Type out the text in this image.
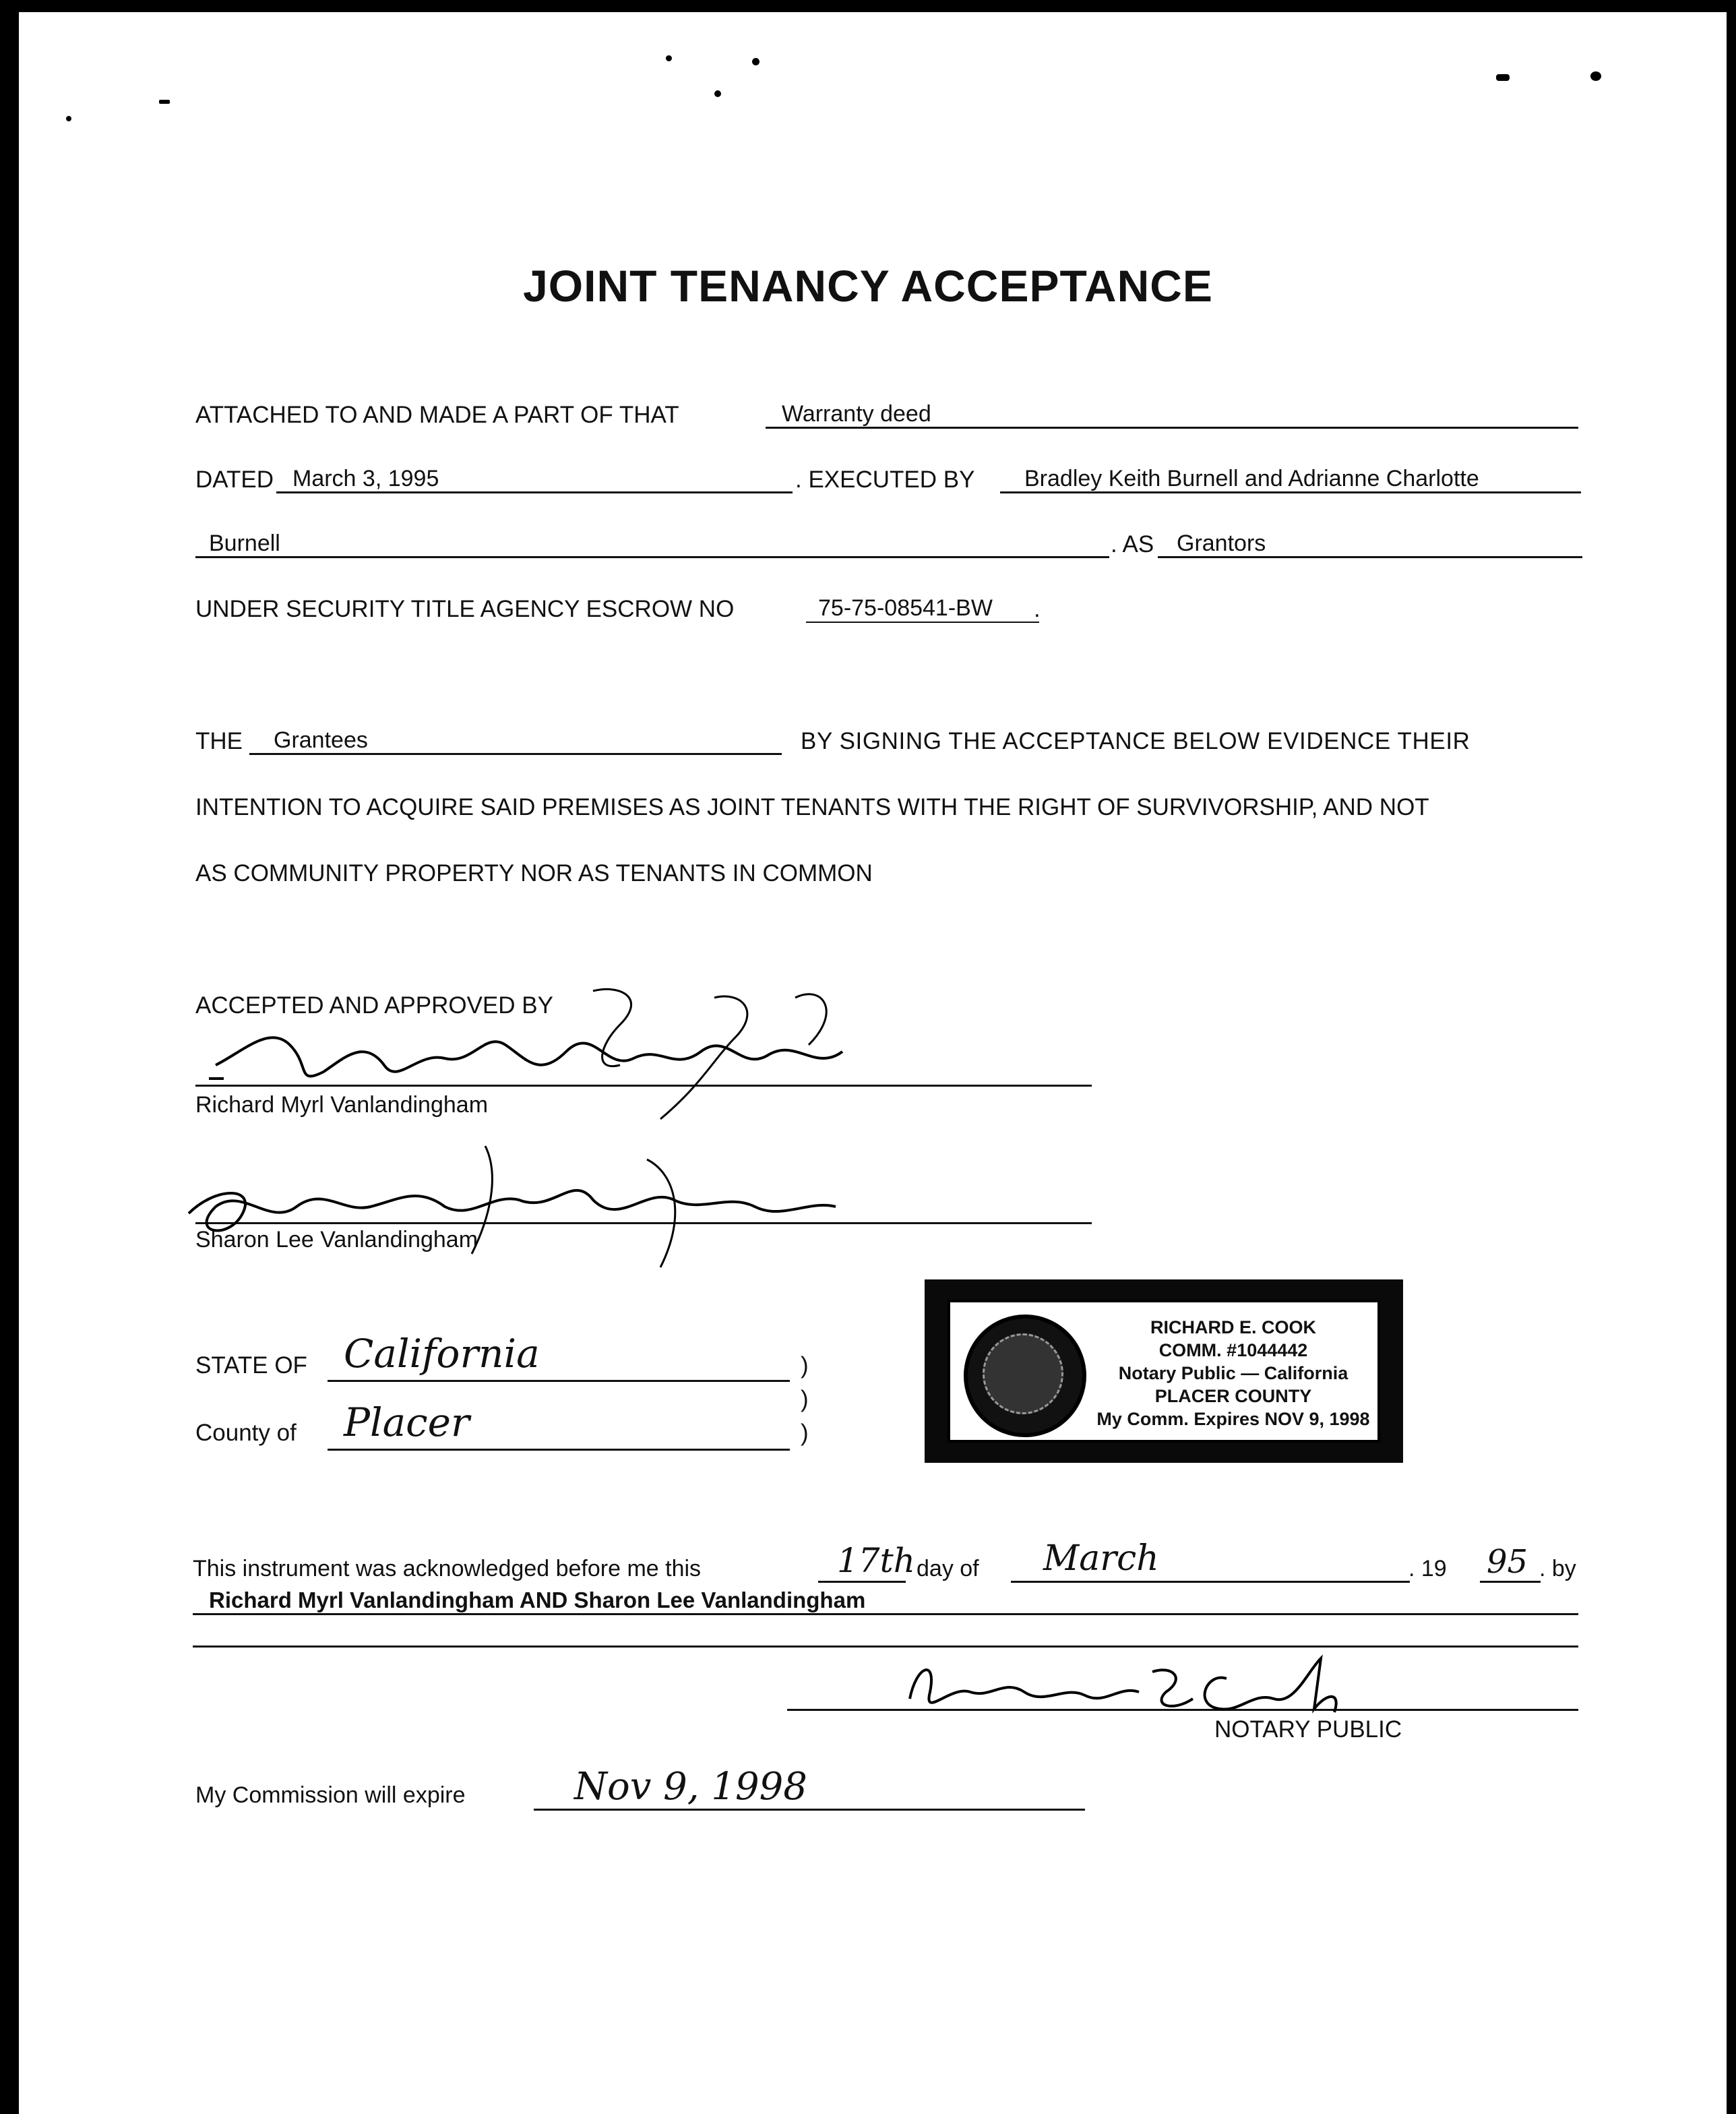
JOINT TENANCY ACCEPTANCE
ATTACHED TO AND MADE A PART OF THAT	Warranty deed
DATED March 3, 1995	. EXECUTED BY	Bradley Keith Burnell and Adrianne Charlotte
Burnell	. AS Grantors
UNDER SECURITY TITLE AGENCY ESCROW NO	75-75-08541-BW	.
THE	Grantees	BY SIGNING THE ACCEPTANCE BELOW EVIDENCE THEIR
INTENTION TO ACQUIRE SAID PREMISES AS JOINT TENANTS WITH THE RIGHT OF SURVIVORSHIP, AND NOT
AS COMMUNITY PROPERTY NOR AS TENANTS IN COMMON
ACCEPTED AND APPROVED BY
Richard Myrl Vanlandingham
Sharon Lee Vanlandingham
STATE OF California	)
)
County of	Placer	)
RICHARD E. COOK
COMM. #1044442
Notary Public — California
PLACER COUNTY
My Comm. Expires NOV 9, 1998
This instrument was acknowledged before me this	17th day of	March	. 19 95 . by
Richard Myrl Vanlandingham AND Sharon Lee Vanlandingham
NOTARY PUBLIC
My Commission will expire	Nov 9, 1998
